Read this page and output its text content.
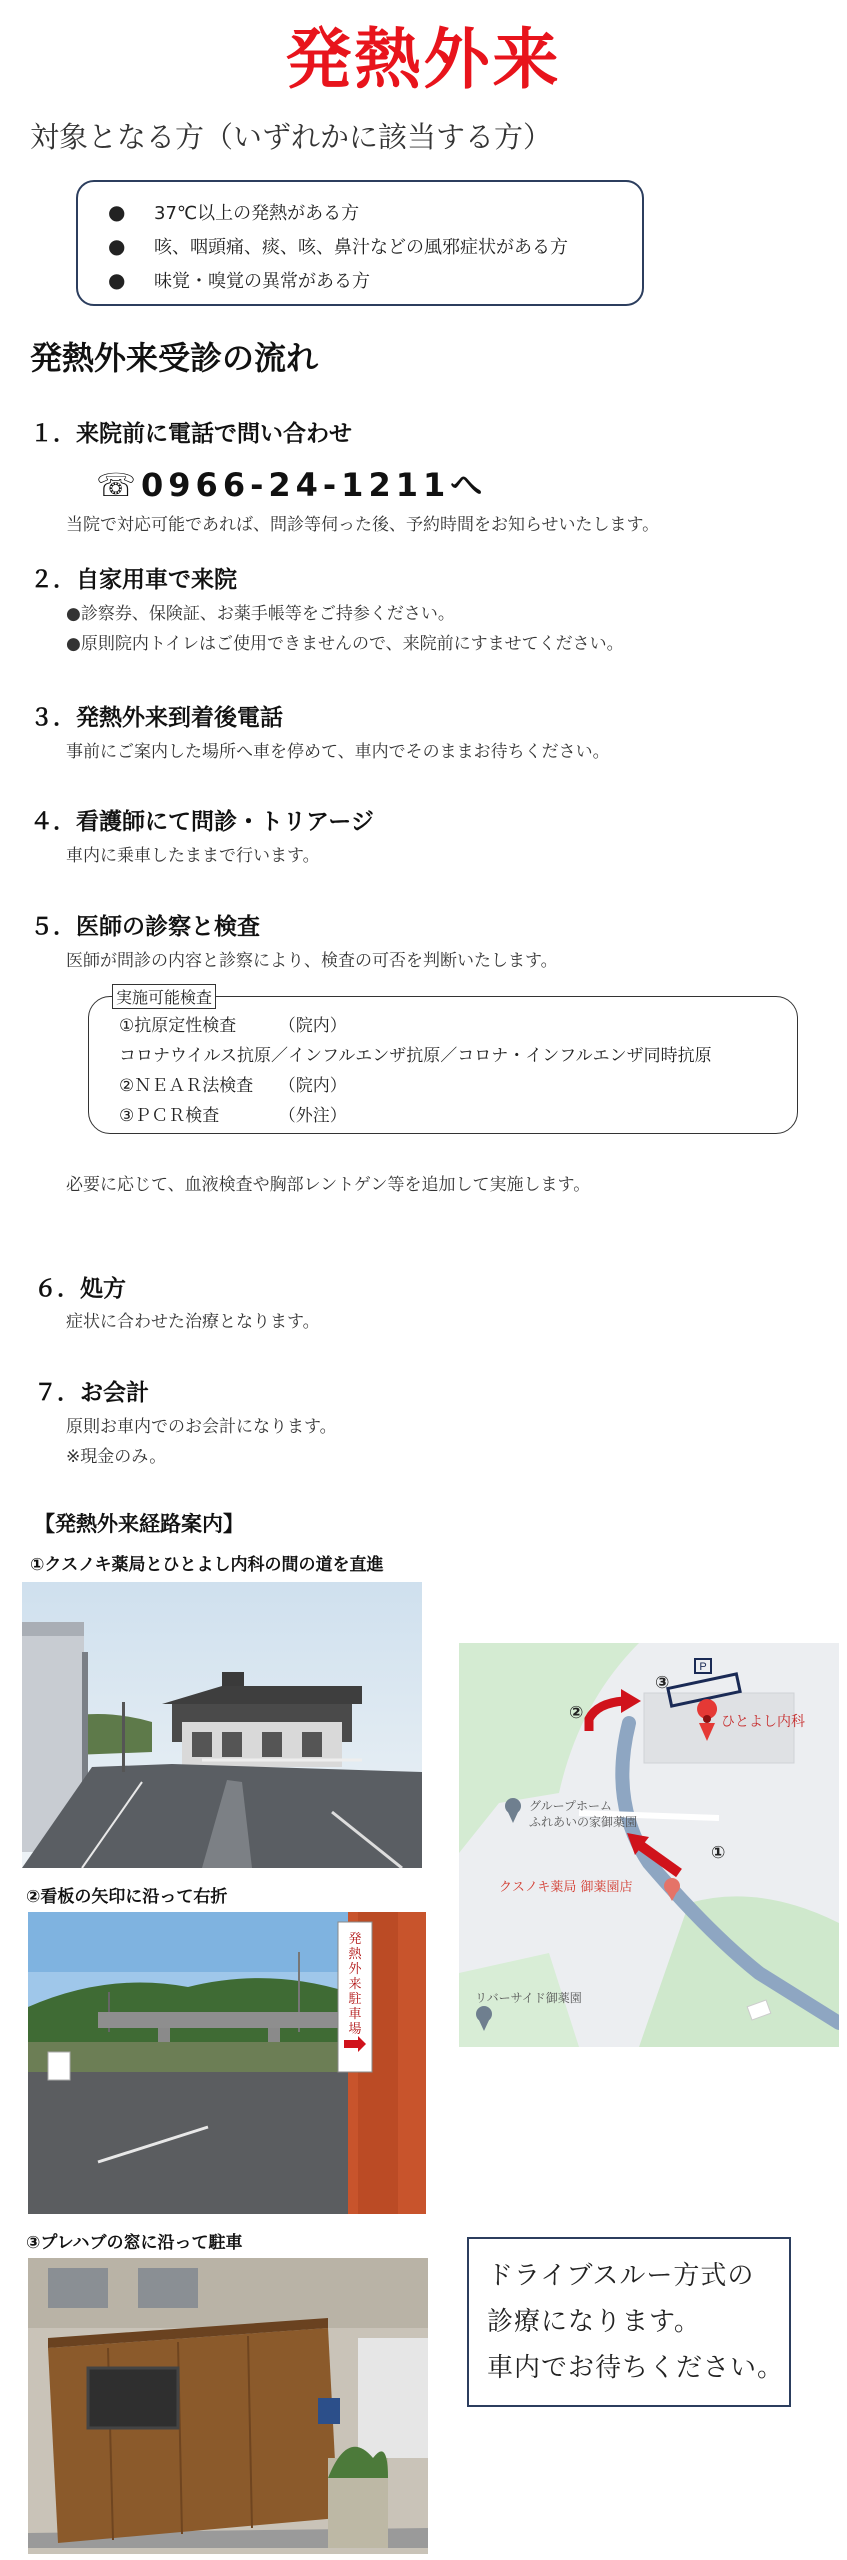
発熱外来
対象となる方（いずれかに該当する方）
● 37℃以上の発熱がある方
● 咳、咽頭痛、痰、咳、鼻汁などの風邪症状がある方
● 味覚・嗅覚の異常がある方
発熱外来受診の流れ
１．来院前に電話で問い合わせ
☏0966-24-1211へ
当院で対応可能であれば、問診等伺った後、予約時間をお知らせいたします。
２．自家用車で来院
●診察券、保険証、お薬手帳等をご持参ください。
●原則院内トイレはご使用できませんので、来院前にすませてください。
３．発熱外来到着後電話
事前にご案内した場所へ車を停めて、車内でそのままお待ちください。
４．看護師にて問診・トリアージ
車内に乗車したままで行います。
５．医師の診察と検査
医師が問診の内容と診察により、検査の可否を判断いたします。
実施可能検査
①抗原定性検査　　　（院内）
コロナウイルス抗原／インフルエンザ抗原／コロナ・インフルエンザ同時抗原
②ＮＥＡＲ法検査　　（院内）
③ＰＣＲ検査　　　　（外注）
必要に応じて、血液検査や胸部レントゲン等を追加して実施します。
６．処方
症状に合わせた治療となります。
７．お会計
原則お車内でのお会計になります。
※現金のみ。
【発熱外来経路案内】
①クスノキ薬局とひとよし内科の間の道を直進
P
②
③
①
ひとよし内科
グループホーム
ふれあいの家御薬園
クスノキ薬局 御薬園店
リバーサイド御薬園
②看板の矢印に沿って右折
発熱外来駐車場
③プレハブの窓に沿って駐車
ドライブスルー方式の
診療になります。
車内でお待ちください。
